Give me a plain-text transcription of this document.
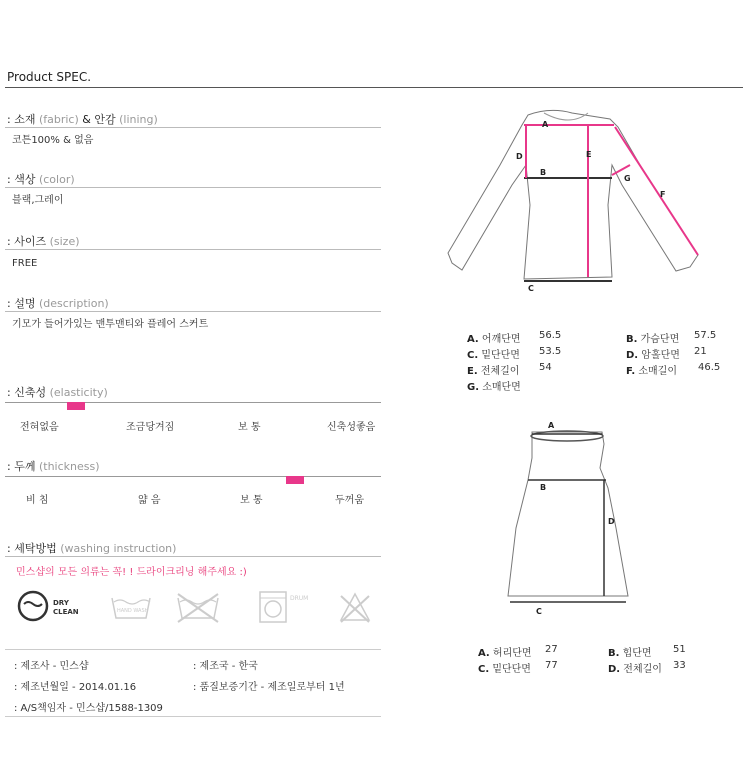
Product SPEC.
: 소재 (fabric) & 안감 (lining)
코튼100% & 없음
: 색상 (color)
블랙,그레이
: 사이즈 (size)
FREE
: 설명 (description)
기모가 들어가있는 맨투맨티와 플레어 스커트
: 신축성 (elasticity)
전혀없음	조금당겨짐	보 통	신축성좋음
: 두께 (thickness)
비 침	얇 음	보 통	두꺼움
: 세탁방법 (washing instruction)
민스샵의 모든 의류는 꼭! ! 드라이크리닝 해주세요 :)
DRY
CLEAN	HAND WASH
DRUM
: 제조사 - 민스샵	: 제조국 - 한국
: 제조년월일 - 2014.01.16	: 품질보증기간 - 제조일로부터 1년
: A/S책임자 - 민스샵/1588-1309
A
B
C
D	E
F
G
A. 어깨단면 56.5	B. 가슴단면 57.5
C. 밑단단면 53.5	D. 암홀단면 21
E. 전체길이 54	F. 소매길이 46.5
G. 소매단면
A
B
C
D
A. 허리단면 27	B. 힙단면 51
C. 밑단단면 77	D. 전체길이 33
